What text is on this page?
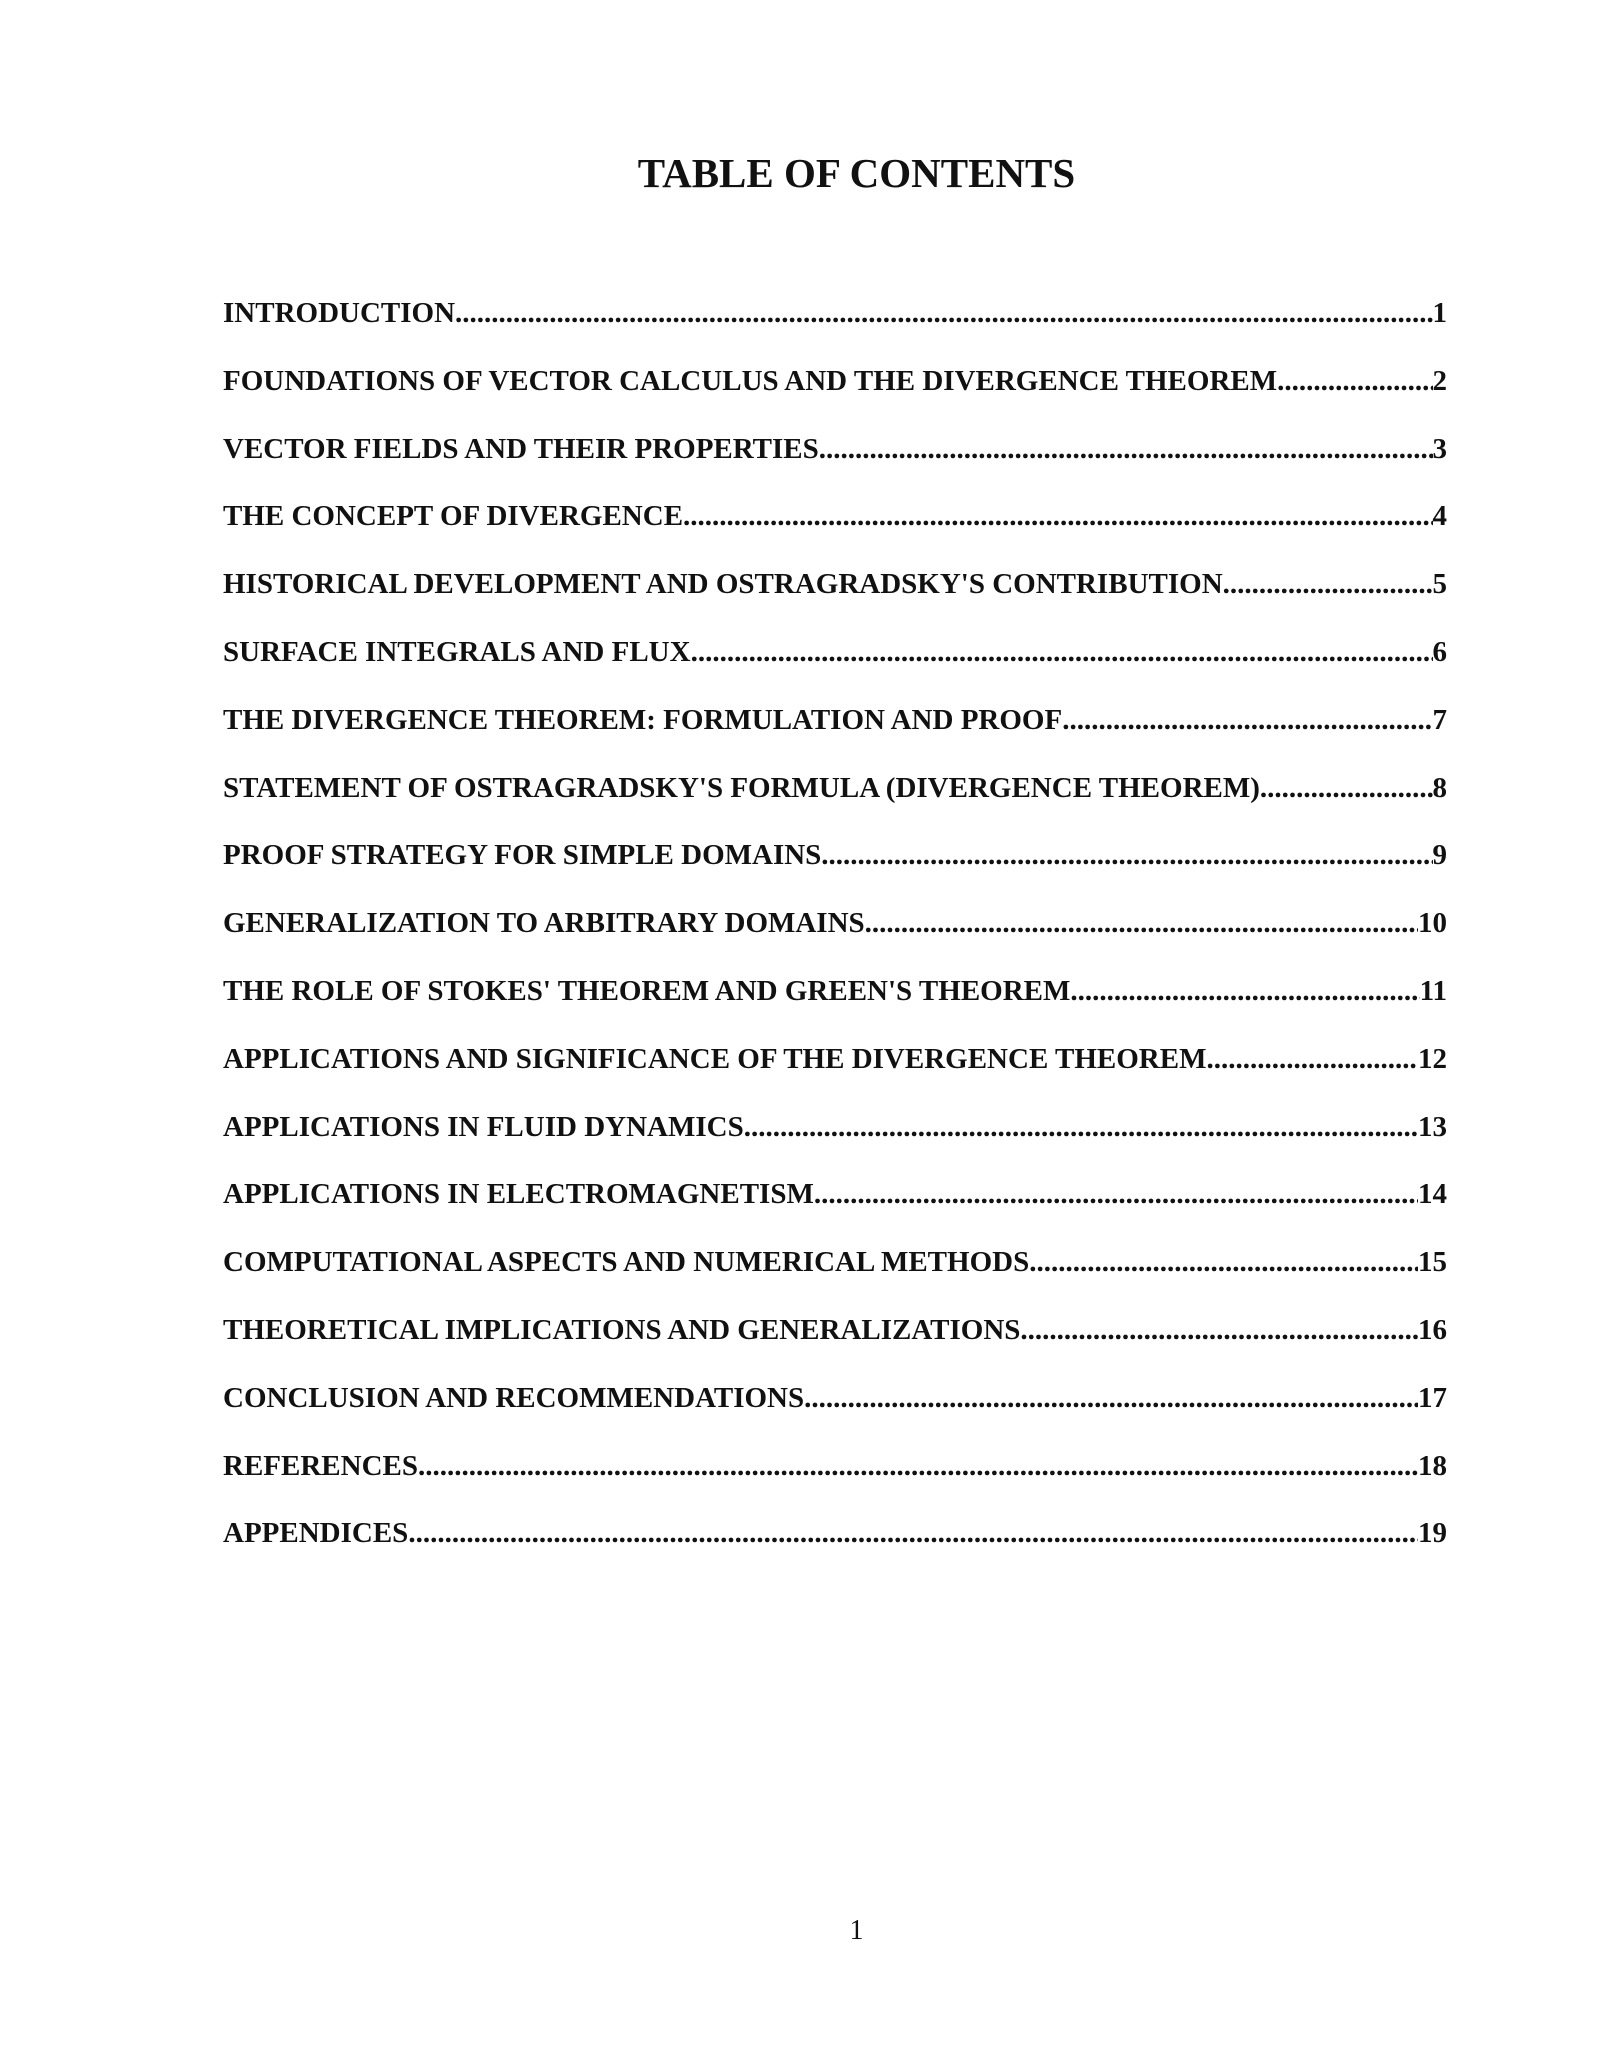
TABLE OF CONTENTS
INTRODUCTION .....	1
FOUNDATIONS OF VECTOR CALCULUS AND THE DIVERGENCE THEOREM .....	2
VECTOR FIELDS AND THEIR PROPERTIES .....	3
THE CONCEPT OF DIVERGENCE .....	4
HISTORICAL DEVELOPMENT AND OSTRAGRADSKY'S CONTRIBUTION .....	5
SURFACE INTEGRALS AND FLUX .....	6
THE DIVERGENCE THEOREM: FORMULATION AND PROOF .....	7
STATEMENT OF OSTRAGRADSKY'S FORMULA (DIVERGENCE THEOREM) .....	8
PROOF STRATEGY FOR SIMPLE DOMAINS .....	9
GENERALIZATION TO ARBITRARY DOMAINS .....	10
THE ROLE OF STOKES' THEOREM AND GREEN'S THEOREM .....	11
APPLICATIONS AND SIGNIFICANCE OF THE DIVERGENCE THEOREM .....	12
APPLICATIONS IN FLUID DYNAMICS .....	13
APPLICATIONS IN ELECTROMAGNETISM .....	14
COMPUTATIONAL ASPECTS AND NUMERICAL METHODS .....	15
THEORETICAL IMPLICATIONS AND GENERALIZATIONS .....	16
CONCLUSION AND RECOMMENDATIONS .....	17
REFERENCES .....	18
APPENDICES .....	19
1
